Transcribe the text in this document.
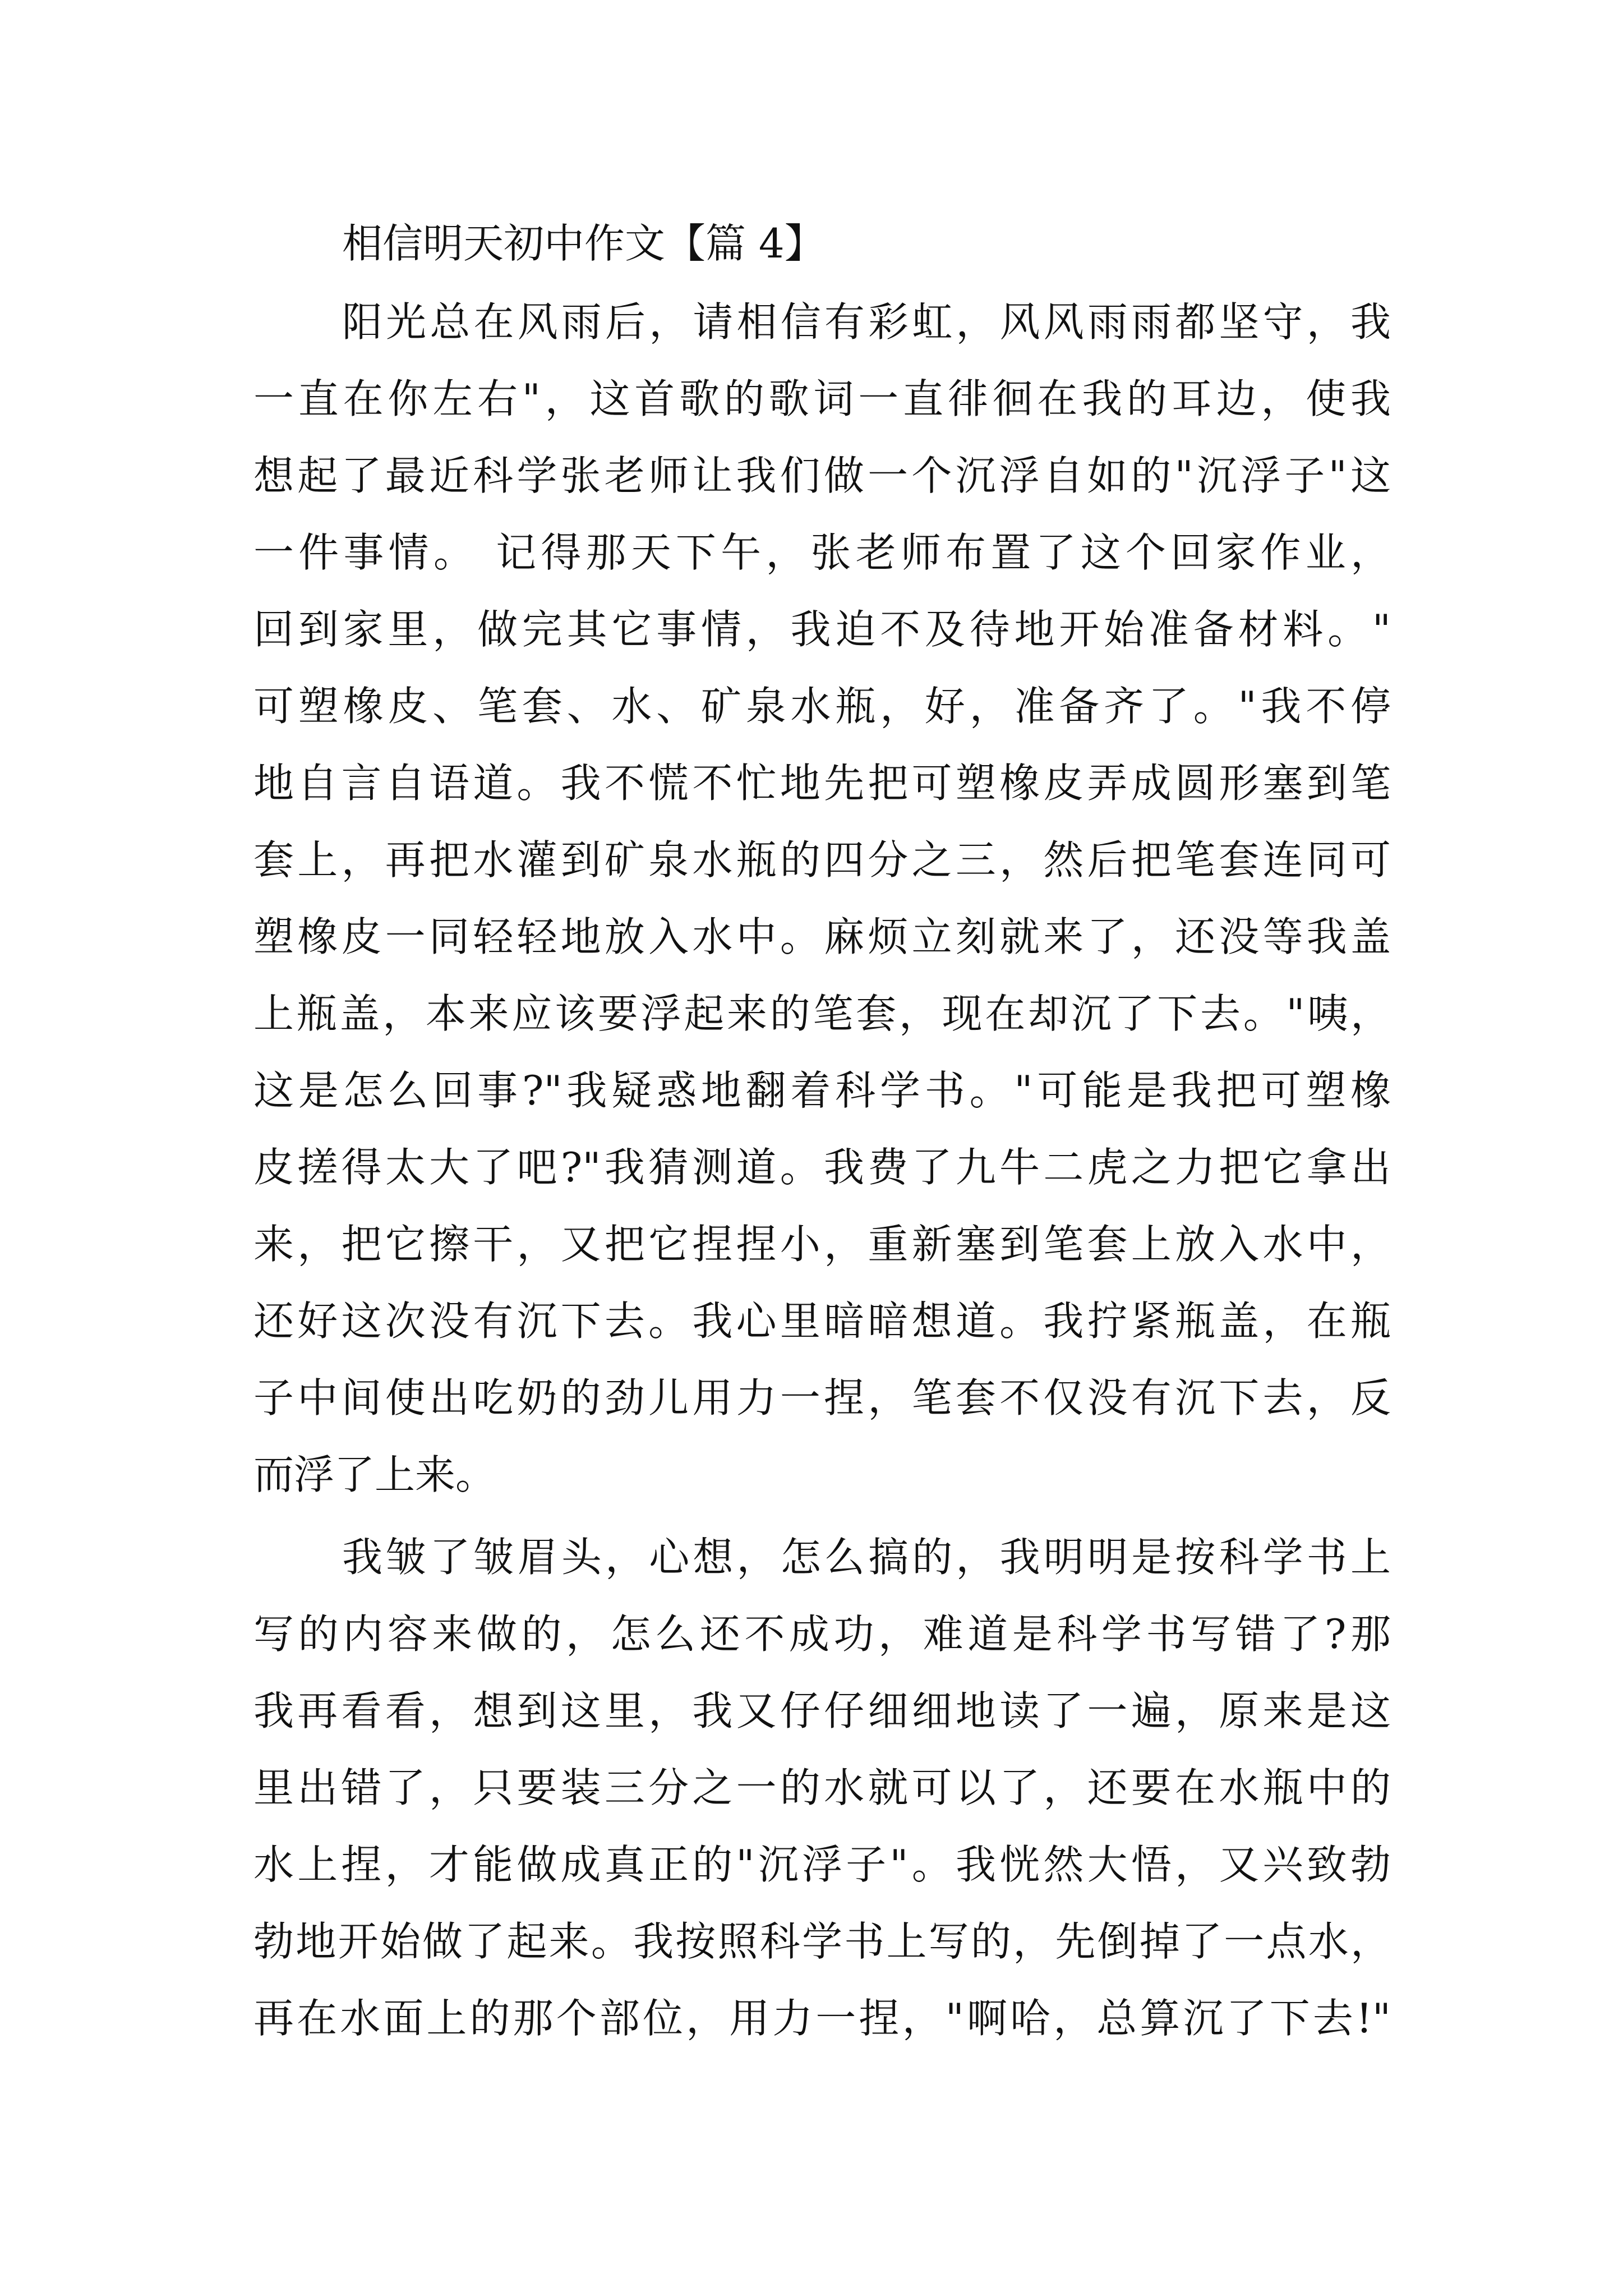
相信明天初中作文【篇 4】
阳光总在风雨后，请相信有彩虹，风风雨雨都坚守，我
一直在你左右"，这首歌的歌词一直徘徊在我的耳边，使我
想起了最近科学张老师让我们做一个沉浮自如的"沉浮子"这
一件事情。 记得那天下午，张老师布置了这个回家作业，
回到家里，做完其它事情，我迫不及待地开始准备材料。"
可塑橡皮、笔套、水、矿泉水瓶，好，准备齐了。"我不停
地自言自语道。我不慌不忙地先把可塑橡皮弄成圆形塞到笔
套上，再把水灌到矿泉水瓶的四分之三，然后把笔套连同可
塑橡皮一同轻轻地放入水中。麻烦立刻就来了，还没等我盖
上瓶盖，本来应该要浮起来的笔套，现在却沉了下去。"咦，
这是怎么回事?"我疑惑地翻着科学书。"可能是我把可塑橡
皮搓得太大了吧?"我猜测道。我费了九牛二虎之力把它拿出
来，把它擦干，又把它捏捏小，重新塞到笔套上放入水中，
还好这次没有沉下去。我心里暗暗想道。我拧紧瓶盖，在瓶
子中间使出吃奶的劲儿用力一捏，笔套不仅没有沉下去，反
而浮了上来。
我皱了皱眉头，心想，怎么搞的，我明明是按科学书上
写的内容来做的，怎么还不成功，难道是科学书写错了?那
我再看看，想到这里，我又仔仔细细地读了一遍，原来是这
里出错了，只要装三分之一的水就可以了，还要在水瓶中的
水上捏，才能做成真正的"沉浮子"。我恍然大悟，又兴致勃
勃地开始做了起来。我按照科学书上写的，先倒掉了一点水，
再在水面上的那个部位，用力一捏，"啊哈，总算沉了下去!"
